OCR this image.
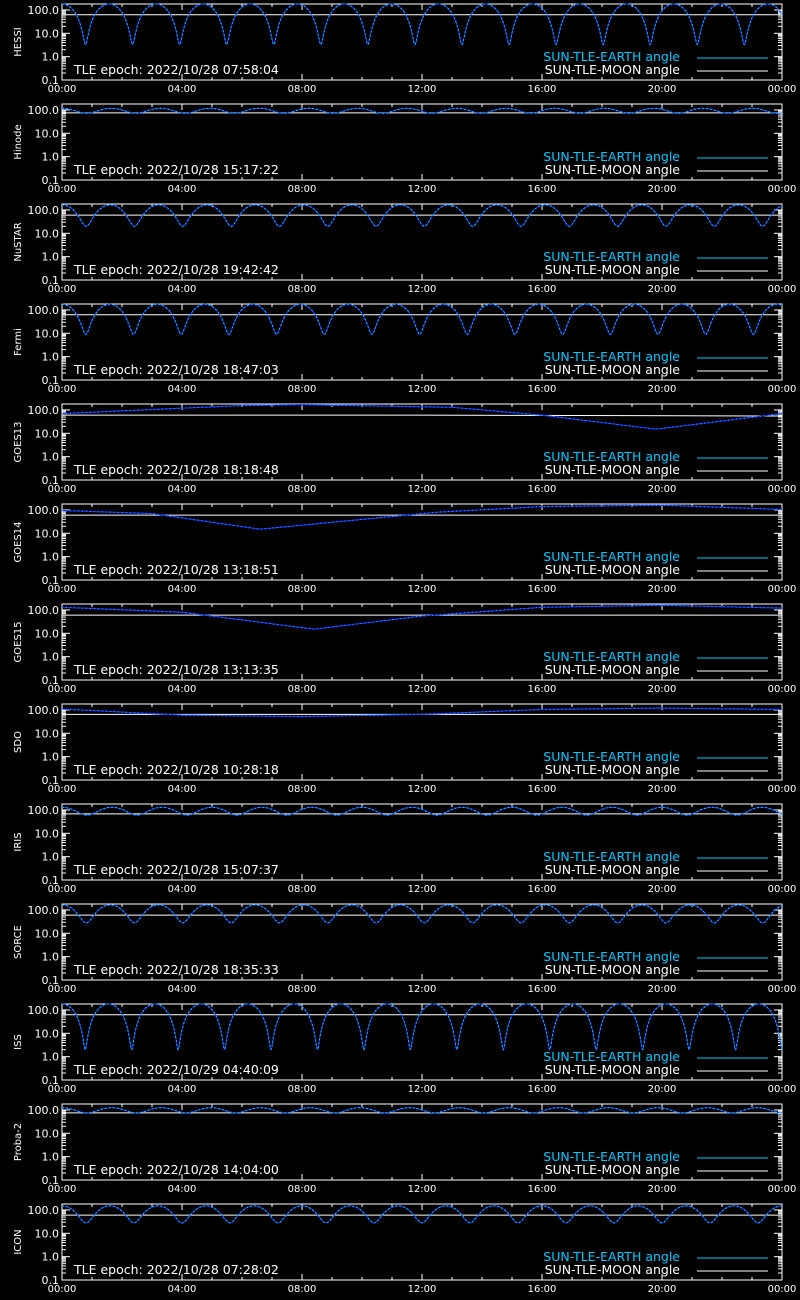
100.0
10.0
1.0
0.1
00:00	04:00	08:00	12:00	16:00	20:00	00:00
HESSI
TLE epoch: 2022/10/28 07:58:04
SUN-TLE-EARTH angle
SUN-TLE-MOON angle
100.0
10.0
1.0
0.1
00:00	04:00	08:00	12:00	16:00	20:00	00:00
Hinode
TLE epoch: 2022/10/28 15:17:22
SUN-TLE-EARTH angle
SUN-TLE-MOON angle
100.0
10.0
1.0
0.1
00:00	04:00	08:00	12:00	16:00	20:00	00:00
NuSTAR
TLE epoch: 2022/10/28 19:42:42
SUN-TLE-EARTH angle
SUN-TLE-MOON angle
100.0
10.0
1.0
0.1
00:00	04:00	08:00	12:00	16:00	20:00	00:00
Fermi
TLE epoch: 2022/10/28 18:47:03
SUN-TLE-EARTH angle
SUN-TLE-MOON angle
100.0
10.0
1.0
0.1
00:00	04:00	08:00	12:00	16:00	20:00	00:00
GOES13
TLE epoch: 2022/10/28 18:18:48
SUN-TLE-EARTH angle
SUN-TLE-MOON angle
100.0
10.0
1.0
0.1
00:00	04:00	08:00	12:00	16:00	20:00	00:00
GOES14
TLE epoch: 2022/10/28 13:18:51
SUN-TLE-EARTH angle
SUN-TLE-MOON angle
100.0
10.0
1.0
0.1
00:00	04:00	08:00	12:00	16:00	20:00	00:00
GOES15
TLE epoch: 2022/10/28 13:13:35
SUN-TLE-EARTH angle
SUN-TLE-MOON angle
100.0
10.0
1.0
0.1
00:00	04:00	08:00	12:00	16:00	20:00	00:00
SDO
TLE epoch: 2022/10/28 10:28:18
SUN-TLE-EARTH angle
SUN-TLE-MOON angle
100.0
10.0
1.0
0.1
00:00	04:00	08:00	12:00	16:00	20:00	00:00
IRIS
TLE epoch: 2022/10/28 15:07:37
SUN-TLE-EARTH angle
SUN-TLE-MOON angle
100.0
10.0
1.0
0.1
00:00	04:00	08:00	12:00	16:00	20:00	00:00
SORCE
TLE epoch: 2022/10/28 18:35:33
SUN-TLE-EARTH angle
SUN-TLE-MOON angle
100.0
10.0
1.0
0.1
00:00	04:00	08:00	12:00	16:00	20:00	00:00
ISS
TLE epoch: 2022/10/29 04:40:09
SUN-TLE-EARTH angle
SUN-TLE-MOON angle
100.0
10.0
1.0
0.1
00:00	04:00	08:00	12:00	16:00	20:00	00:00
Proba-2
TLE epoch: 2022/10/28 14:04:00
SUN-TLE-EARTH angle
SUN-TLE-MOON angle
100.0
10.0
1.0
0.1
00:00	04:00	08:00	12:00	16:00	20:00	00:00
ICON
TLE epoch: 2022/10/28 07:28:02
SUN-TLE-EARTH angle
SUN-TLE-MOON angle
